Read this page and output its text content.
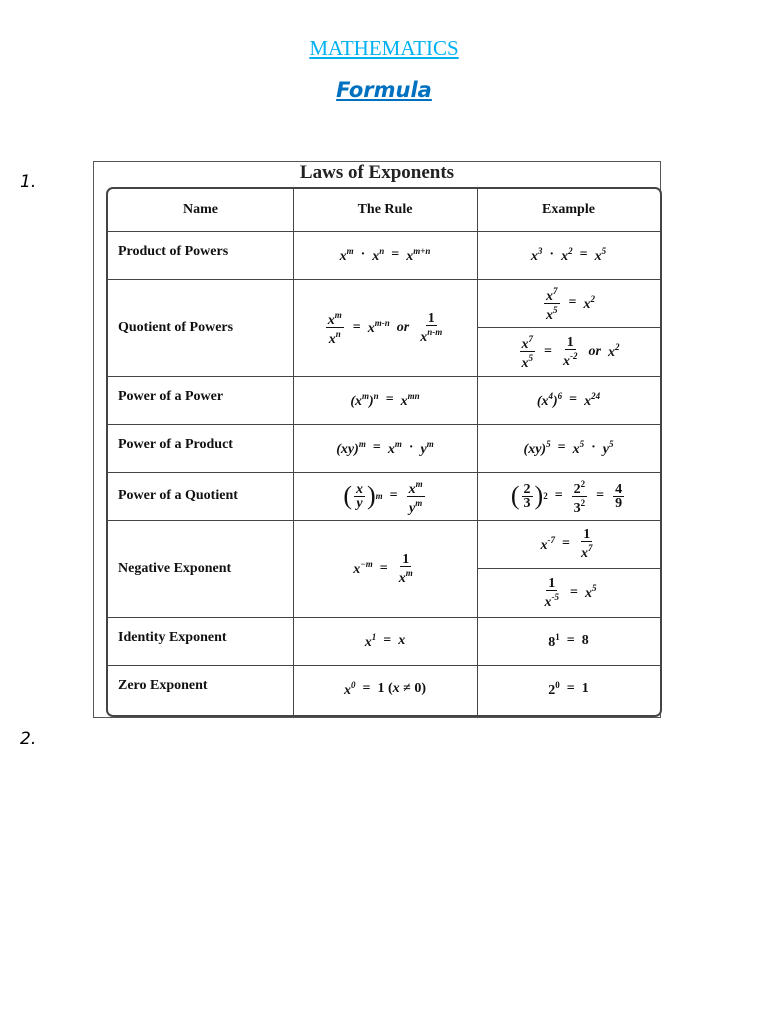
MATHEMATICS
Formula
1.
2.
Laws of Exponents
Name	The Rule	Example
Product of Powers
Quotient of Powers
Power of a Power
Power of a Product
Power of a Quotient
Negative Exponent
Identity Exponent
Zero Exponent
$x^m \cdot x^n = x^{m+n}$
$\frac{x^m}{x^n} = x^{m-n}$ or $\frac{1}{x^{n-m}}$
$(x^m)^n = x^{mn}$
$(xy)^m = x^m \cdot y^m$
( $\frac{x}{y}$ ) $m = \frac{x^m}{y^m}$
$x^{-m} = \frac{1}{x^m}$
$x^1 = x$
$x^0 = 1$ ( x ≠ 0)
$x^3 \cdot x^2 = x^5$
$\frac{x^7}{x^5} = x^2$
$\frac{x^7}{x^5} = \frac{1}{x^{-2}}$ or $x^2$
$(x^4)^6 = x^{24}$
$(xy)^5 = x^5 \cdot y^5$
( $\frac{2}{3}$ ) $2 = \frac{2^2}{3^2} = \frac{4}{9}$
$x^{-7} = \frac{1}{x^7}$
$\frac{1}{x^{-5}} = x^5$
$8^1 = 8$
$2^0 = 1$
